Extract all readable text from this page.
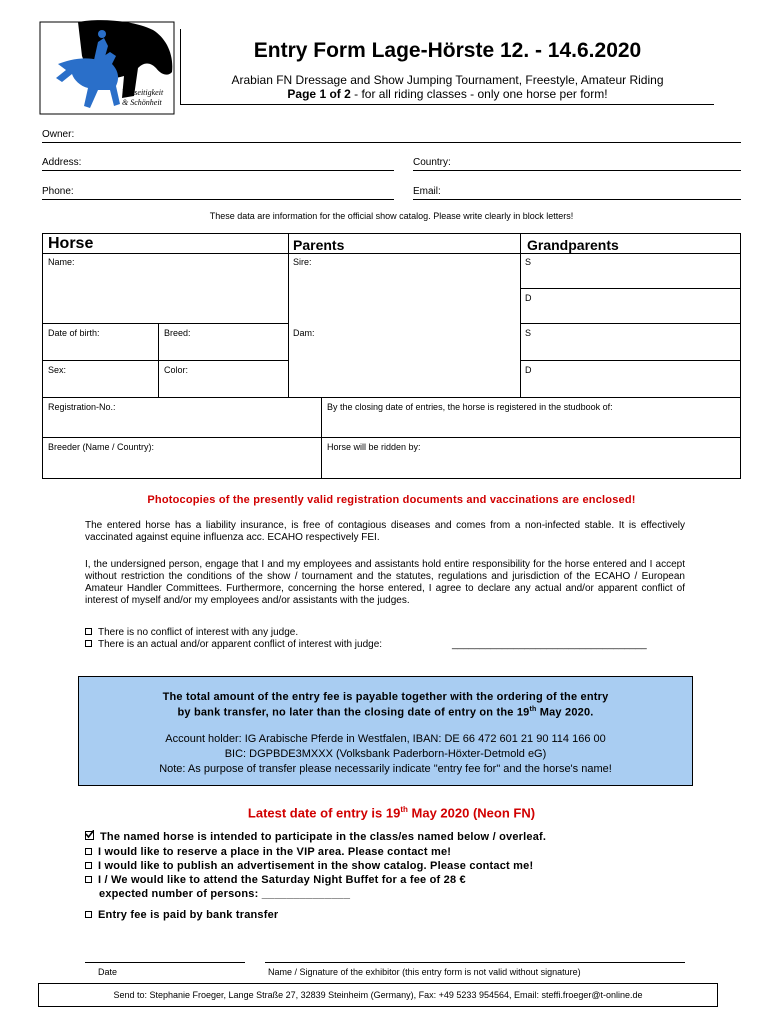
Vielseitigkeit
& Schönheit
Entry Form Lage-Hörste 12. - 14.6.2020
Arabian FN Dressage and Show Jumping Tournament, Freestyle, Amateur Riding
Page 1 of 2 - for all riding classes - only one horse per form!
Owner:
Address:	Country:
Phone:	Email:
These data are information for the official show catalog. Please write clearly in block letters!
Horse	Parents	Grandparents
Name:	Sire:	S
D
Date of birth:	Breed:	Dam:	S
Sex:	Color:	D
Registration-No.:	By the closing date of entries, the horse is registered in the studbook of:
Breeder (Name / Country):	Horse will be ridden by:
Photocopies of the presently valid registration documents and vaccinations are enclosed!
The entered horse has a liability insurance, is free of contagious diseases and comes from a non-infected stable. It is effectively vaccinated against equine influenza acc. ECAHO respectively FEI.
I, the undersigned person, engage that I and my employees and assistants hold entire responsibility for the horse entered and I accept without restriction the conditions of the show / tournament and the statutes, regulations and jurisdiction of the ECAHO / European Amateur Handler Committees. Furthermore, concerning the horse entered, I agree to declare any actual and/or apparent conflict of interest of myself and/or my employees and/or assistants with the judges.
There is no conflict of interest with any judge.
There is an actual and/or apparent conflict of interest with judge:	___________________________________
The total amount of the entry fee is payable together with the ordering of the entry
by bank transfer, no later than the closing date of entry on the 19th May 2020.
Account holder: IG Arabische Pferde in Westfalen, IBAN: DE 66 472 601 21 90 114 166 00
BIC: DGPBDE3MXXX (Volksbank Paderborn-Höxter-Detmold eG)
Note: As purpose of transfer please necessarily indicate "entry fee for" and the horse's name!
Latest date of entry is 19th May 2020 (Neon FN)
The named horse is intended to participate in the class/es named below / overleaf.
I would like to reserve a place in the VIP area. Please contact me!
I would like to publish an advertisement in the show catalog. Please contact me!
I / We would like to attend the Saturday Night Buffet for a fee of 28 €
expected number of persons: ______________
Entry fee is paid by bank transfer
Date	Name / Signature of the exhibitor (this entry form is not valid without signature)
Send to: Stephanie Froeger, Lange Straße 27, 32839 Steinheim (Germany), Fax: +49 5233 954564, Email: steffi.froeger@t-online.de
